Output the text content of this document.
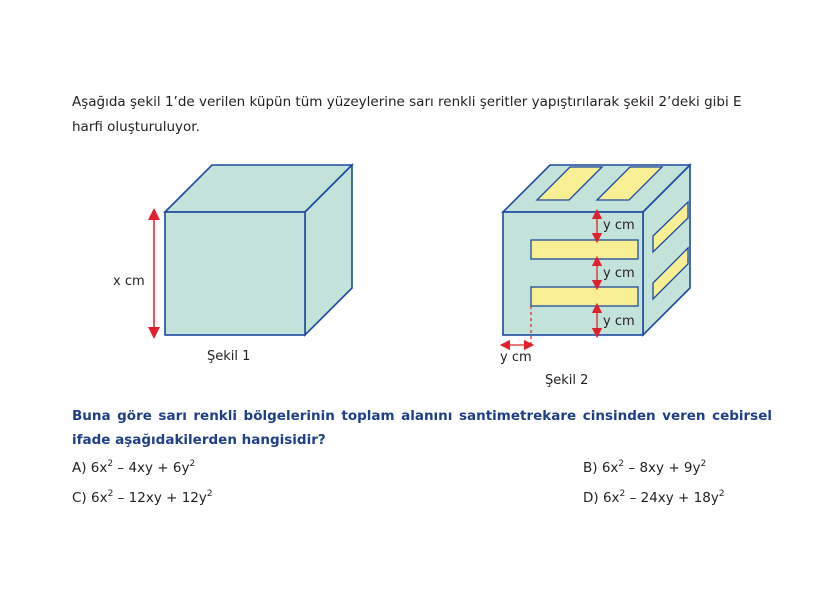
Aşağıda şekil 1’de verilen küpün tüm yüzeylerine sarı renkli şeritler yapıştırılarak şekil 2’deki gibi E harfi oluşturuluyor.
x cm
Şekil 1
y cm
y cm
y cm
y cm
Şekil 2
Buna göre sarı renkli bölgelerinin toplam alanını santimetrekare cinsinden veren cebirsel ifade aşağıdakilerden hangisidir?
A) $6x^2 - 4xy + 6y^2$	B) $6x^2 - 8xy + 9y^2$
C) $6x^2 - 12xy + 12y^2$	D) $6x^2 - 24xy + 18y^2$
